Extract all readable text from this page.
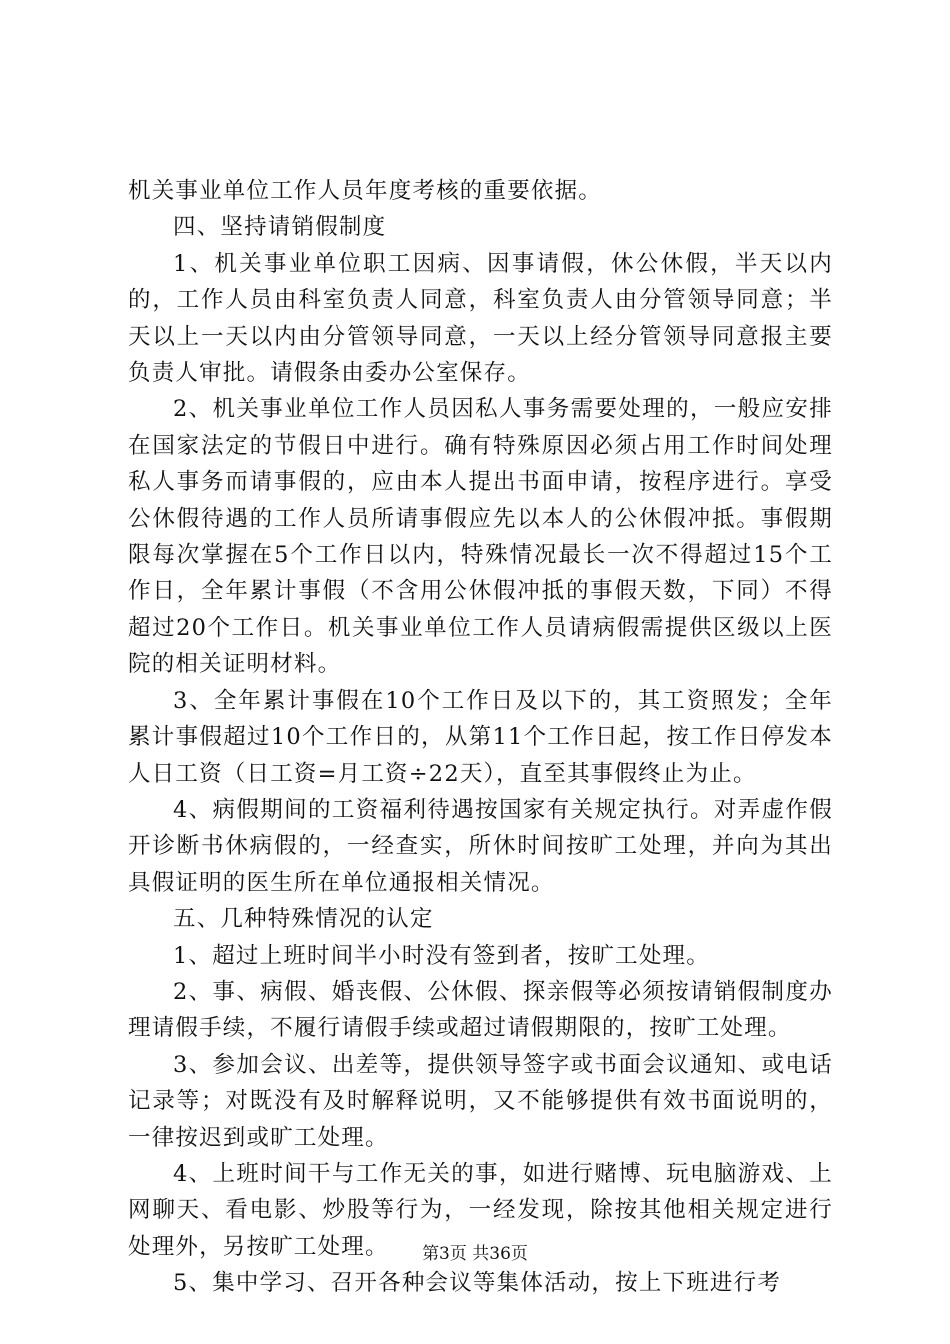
机关事业单位工作人员年度考核的重要依据。

四、坚持请销假制度

1、机关事业单位职工因病、因事请假，休公休假，半天以内的，工作人员由科室负责人同意，科室负责人由分管领导同意；半天以上一天以内由分管领导同意，一天以上经分管领导同意报主要负责人审批。请假条由委办公室保存。

2、机关事业单位工作人员因私人事务需要处理的，一般应安排在国家法定的节假日中进行。确有特殊原因必须占用工作时间处理私人事务而请事假的，应由本人提出书面申请，按程序进行。享受公休假待遇的工作人员所请事假应先以本人的公休假冲抵。事假期限每次掌握在5个工作日以内，特殊情况最长一次不得超过15个工作日，全年累计事假（不含用公休假冲抵的事假天数，下同）不得超过20个工作日。机关事业单位工作人员请病假需提供区级以上医院的相关证明材料。

3、全年累计事假在10个工作日及以下的，其工资照发；全年累计事假超过10个工作日的，从第11个工作日起，按工作日停发本人日工资（日工资=月工资÷22天），直至其事假终止为止。

4、病假期间的工资福利待遇按国家有关规定执行。对弄虚作假开诊断书休病假的，一经查实，所休时间按旷工处理，并向为其出具假证明的医生所在单位通报相关情况。

五、几种特殊情况的认定

1、超过上班时间半小时没有签到者，按旷工处理。

2、事、病假、婚丧假、公休假、探亲假等必须按请销假制度办理请假手续，不履行请假手续或超过请假期限的，按旷工处理。

3、参加会议、出差等，提供领导签字或书面会议通知、或电话记录等；对既没有及时解释说明，又不能够提供有效书面说明的，一律按迟到或旷工处理。

4、上班时间干与工作无关的事，如进行赌博、玩电脑游戏、上网聊天、看电影、炒股等行为，一经发现，除按其他相关规定进行处理外，另按旷工处理。

5、集中学习、召开各种会议等集体活动，按上下班进行考

第3页 共36页
